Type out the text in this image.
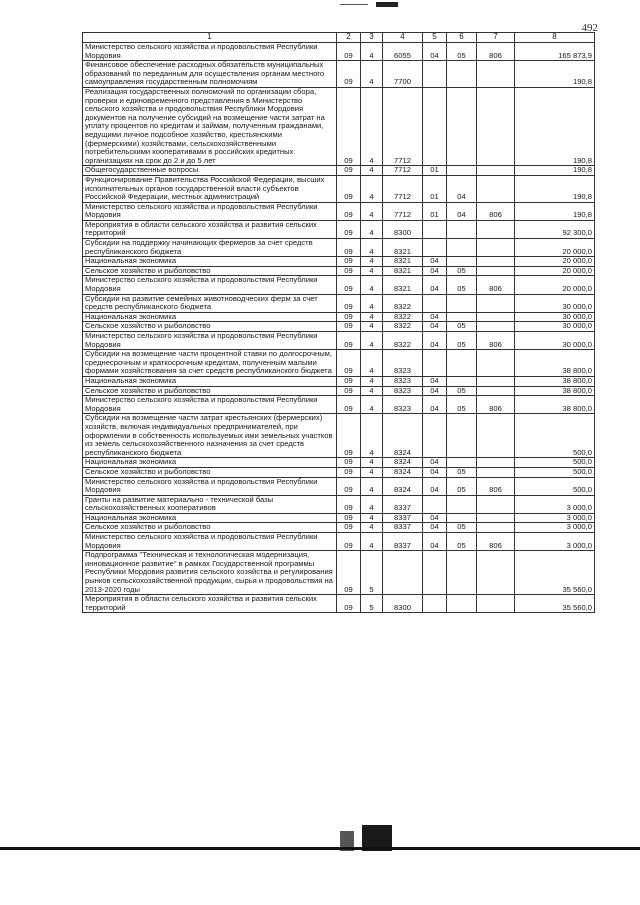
492
1	2	3	4	5	6	7	8
Министерство сельского хозяйства и продовольствия Республики Мордовия	09	4	6055	04	05	806	165 873,9
Финансовое обеспечение расходных обязательств муниципальных образований по переданным для осуществления органам местного самоуправления государственным полномочиям	09	4	7700				190,8
Реализация государственных полномочий по организации сбора, проверки и единовременного представления в Министерство сельского хозяйства и продовольствия Республики Мордовия документов на получение субсидий на возмещение части затрат на уплату процентов по кредитам и займам, полученным гражданами, ведущими личное подсобное хозяйство, крестьянскими (фермерскими) хозяйствами, сельскохозяйственными потребительскими кооперативами в российских кредитных организациях на срок до 2 и до 5 лет	09	4	7712				190,8
Общегосударственные вопросы	09	4	7712	01			190,8
Функционирование Правительства Российской Федерации, высших исполнительных органов государственной власти субъектов Российской Федерации, местных администраций	09	4	7712	01	04		190,8
Министерство сельского хозяйства и продовольствия Республики Мордовия	09	4	7712	01	04	806	190,8
Мероприятия в области сельского хозяйства и развития сельских территорий	09	4	8300				92 300,0
Субсидии на поддержку начинающих фермеров за счет средств республиканского бюджета	09	4	8321				20 000,0
Национальная экономика	09	4	8321	04			20 000,0
Сельское хозяйство и рыболовство	09	4	8321	04	05		20 000,0
Министерство сельского хозяйства и продовольствия Республики Мордовия	09	4	8321	04	05	806	20 000,0
Субсидии на развитие семейных животноводческих ферм за счет средств республиканского бюджета	09	4	8322				30 000,0
Национальная экономика	09	4	8322	04			30 000,0
Сельское хозяйство и рыболовство	09	4	8322	04	05		30 000,0
Министерство сельского хозяйства и продовольствия Республики Мордовия	09	4	8322	04	05	806	30 000,0
Субсидии на возмещение части процентной ставки по долгосрочным, среднесрочным и краткосрочным кредитам, полученным малыми формами хозяйствования за счет средств республиканского бюджета	09	4	8323				38 800,0
Национальная экономика	09	4	8323	04			38 800,0
Сельское хозяйство и рыболовство	09	4	8323	04	05		38 800,0
Министерство сельского хозяйства и продовольствия Республики Мордовия	09	4	8323	04	05	806	38 800,0
Субсидии на возмещение части затрат крестьянских (фермерских) хозяйств, включая индивидуальных предпринимателей, при оформлении в собственность используемых ими земельных участков из земель сельскохозяйственного назначения за счет средств республиканского бюджета	09	4	8324				500,0
Национальная экономика	09	4	8324	04			500,0
Сельское хозяйство и рыболовство	09	4	8324	04	05		500,0
Министерство сельского хозяйства и продовольствия Республики Мордовия	09	4	8324	04	05	806	500,0
Гранты на развитие материально - технической базы сельскохозяйственных кооперативов	09	4	8337				3 000,0
Национальная экономика	09	4	8337	04			3 000,0
Сельское хозяйство и рыболовство	09	4	8337	04	05		3 000,0
Министерство сельского хозяйства и продовольствия Республики Мордовия	09	4	8337	04	05	806	3 000,0
Подпрограмма "Техническая и технологическая модернизация, инновационное развитие" в рамках Государственной программы Республики Мордовия развития сельского хозяйства и регулирования рынков сельскохозяйственной продукции, сырья и продовольствия на 2013-2020 годы	09	5					35 560,0
Мероприятия в области сельского хозяйства и развития сельских территорий	09	5	8300				35 560,0
